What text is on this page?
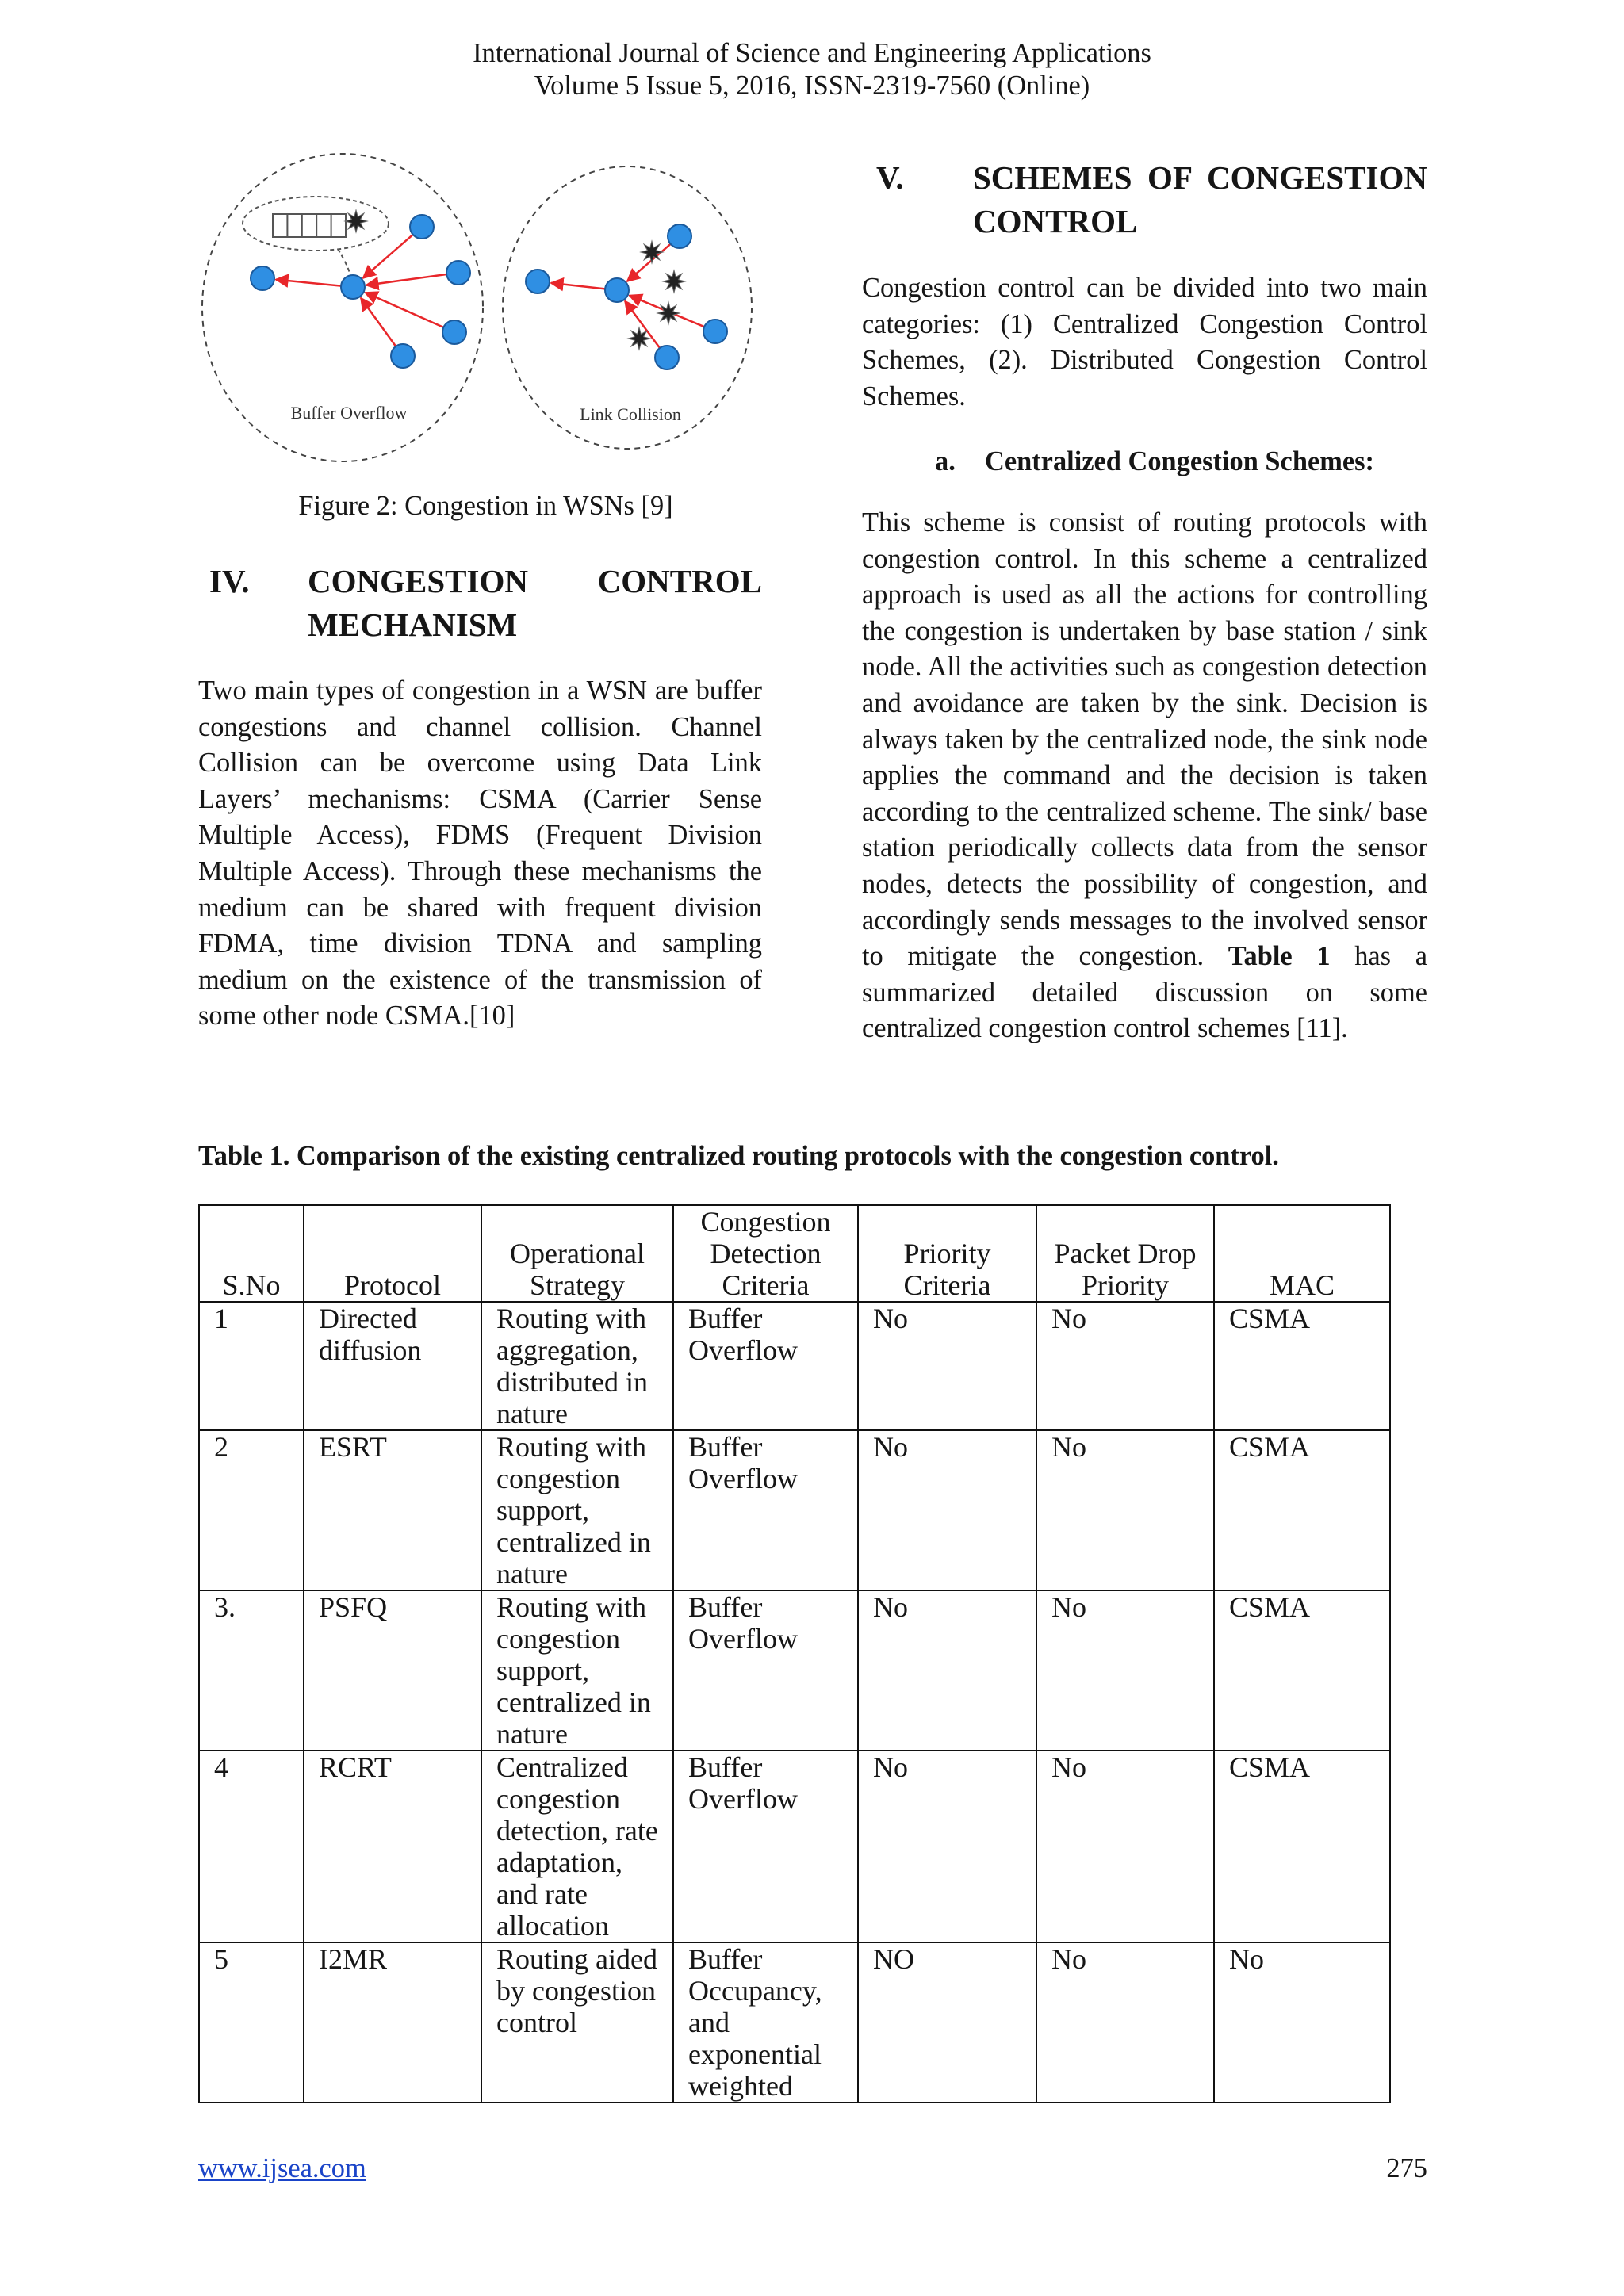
International Journal of Science and Engineering Applications
Volume 5 Issue 5, 2016, ISSN-2319-7560 (Online)
Buffer Overflow	Link Collision
Figure 2: Congestion in WSNs [9]
IV. CONGESTION CONTROL MECHANISM

Two main types of congestion in a WSN are buffer congestions and channel collision. Channel Collision can be overcome using Data Link Layers’ mechanisms: CSMA (Carrier Sense Multiple Access), FDMS (Frequent Division Multiple Access). Through these mechanisms the medium can be shared with frequent division FDMA, time division TDNA and sampling medium on the existence of the transmission of some other node CSMA.[10]

V. SCHEMES OF CONGESTION CONTROL

Congestion control can be divided into two main categories: (1) Centralized Congestion Control Schemes, (2). Distributed Congestion Control Schemes.

a. Centralized Congestion Schemes:

This scheme is consist of routing protocols with congestion control. In this scheme a centralized approach is used as all the actions for controlling the congestion is undertaken by base station / sink node. All the activities such as congestion detection and avoidance are taken by the sink. Decision is always taken by the centralized node, the sink node applies the command and the decision is taken according to the centralized scheme. The sink/ base station periodically collects data from the sensor nodes, detects the possibility of congestion, and accordingly sends messages to the involved sensor to mitigate the congestion. Table 1 has a summarized detailed discussion on some centralized congestion control schemes [11].

Table 1. Comparison of the existing centralized routing protocols with the congestion control.
S.No	Protocol	Operational Strategy	Congestion Detection Criteria	Priority Criteria	Packet Drop Priority	MAC
1	Directed diffusion	Routing with aggregation, distributed in nature	Buffer Overflow	No	No	CSMA
2	ESRT	Routing with congestion support, centralized in nature	Buffer Overflow	No	No	CSMA
3.	PSFQ	Routing with congestion support, centralized in nature	Buffer Overflow	No	No	CSMA
4	RCRT	Centralized congestion detection, rate adaptation, and rate allocation	Buffer Overflow	No	No	CSMA
5	I2MR	Routing aided by congestion control	Buffer Occupancy, and exponential weighted	NO	No	No
www.ijsea.com	275
